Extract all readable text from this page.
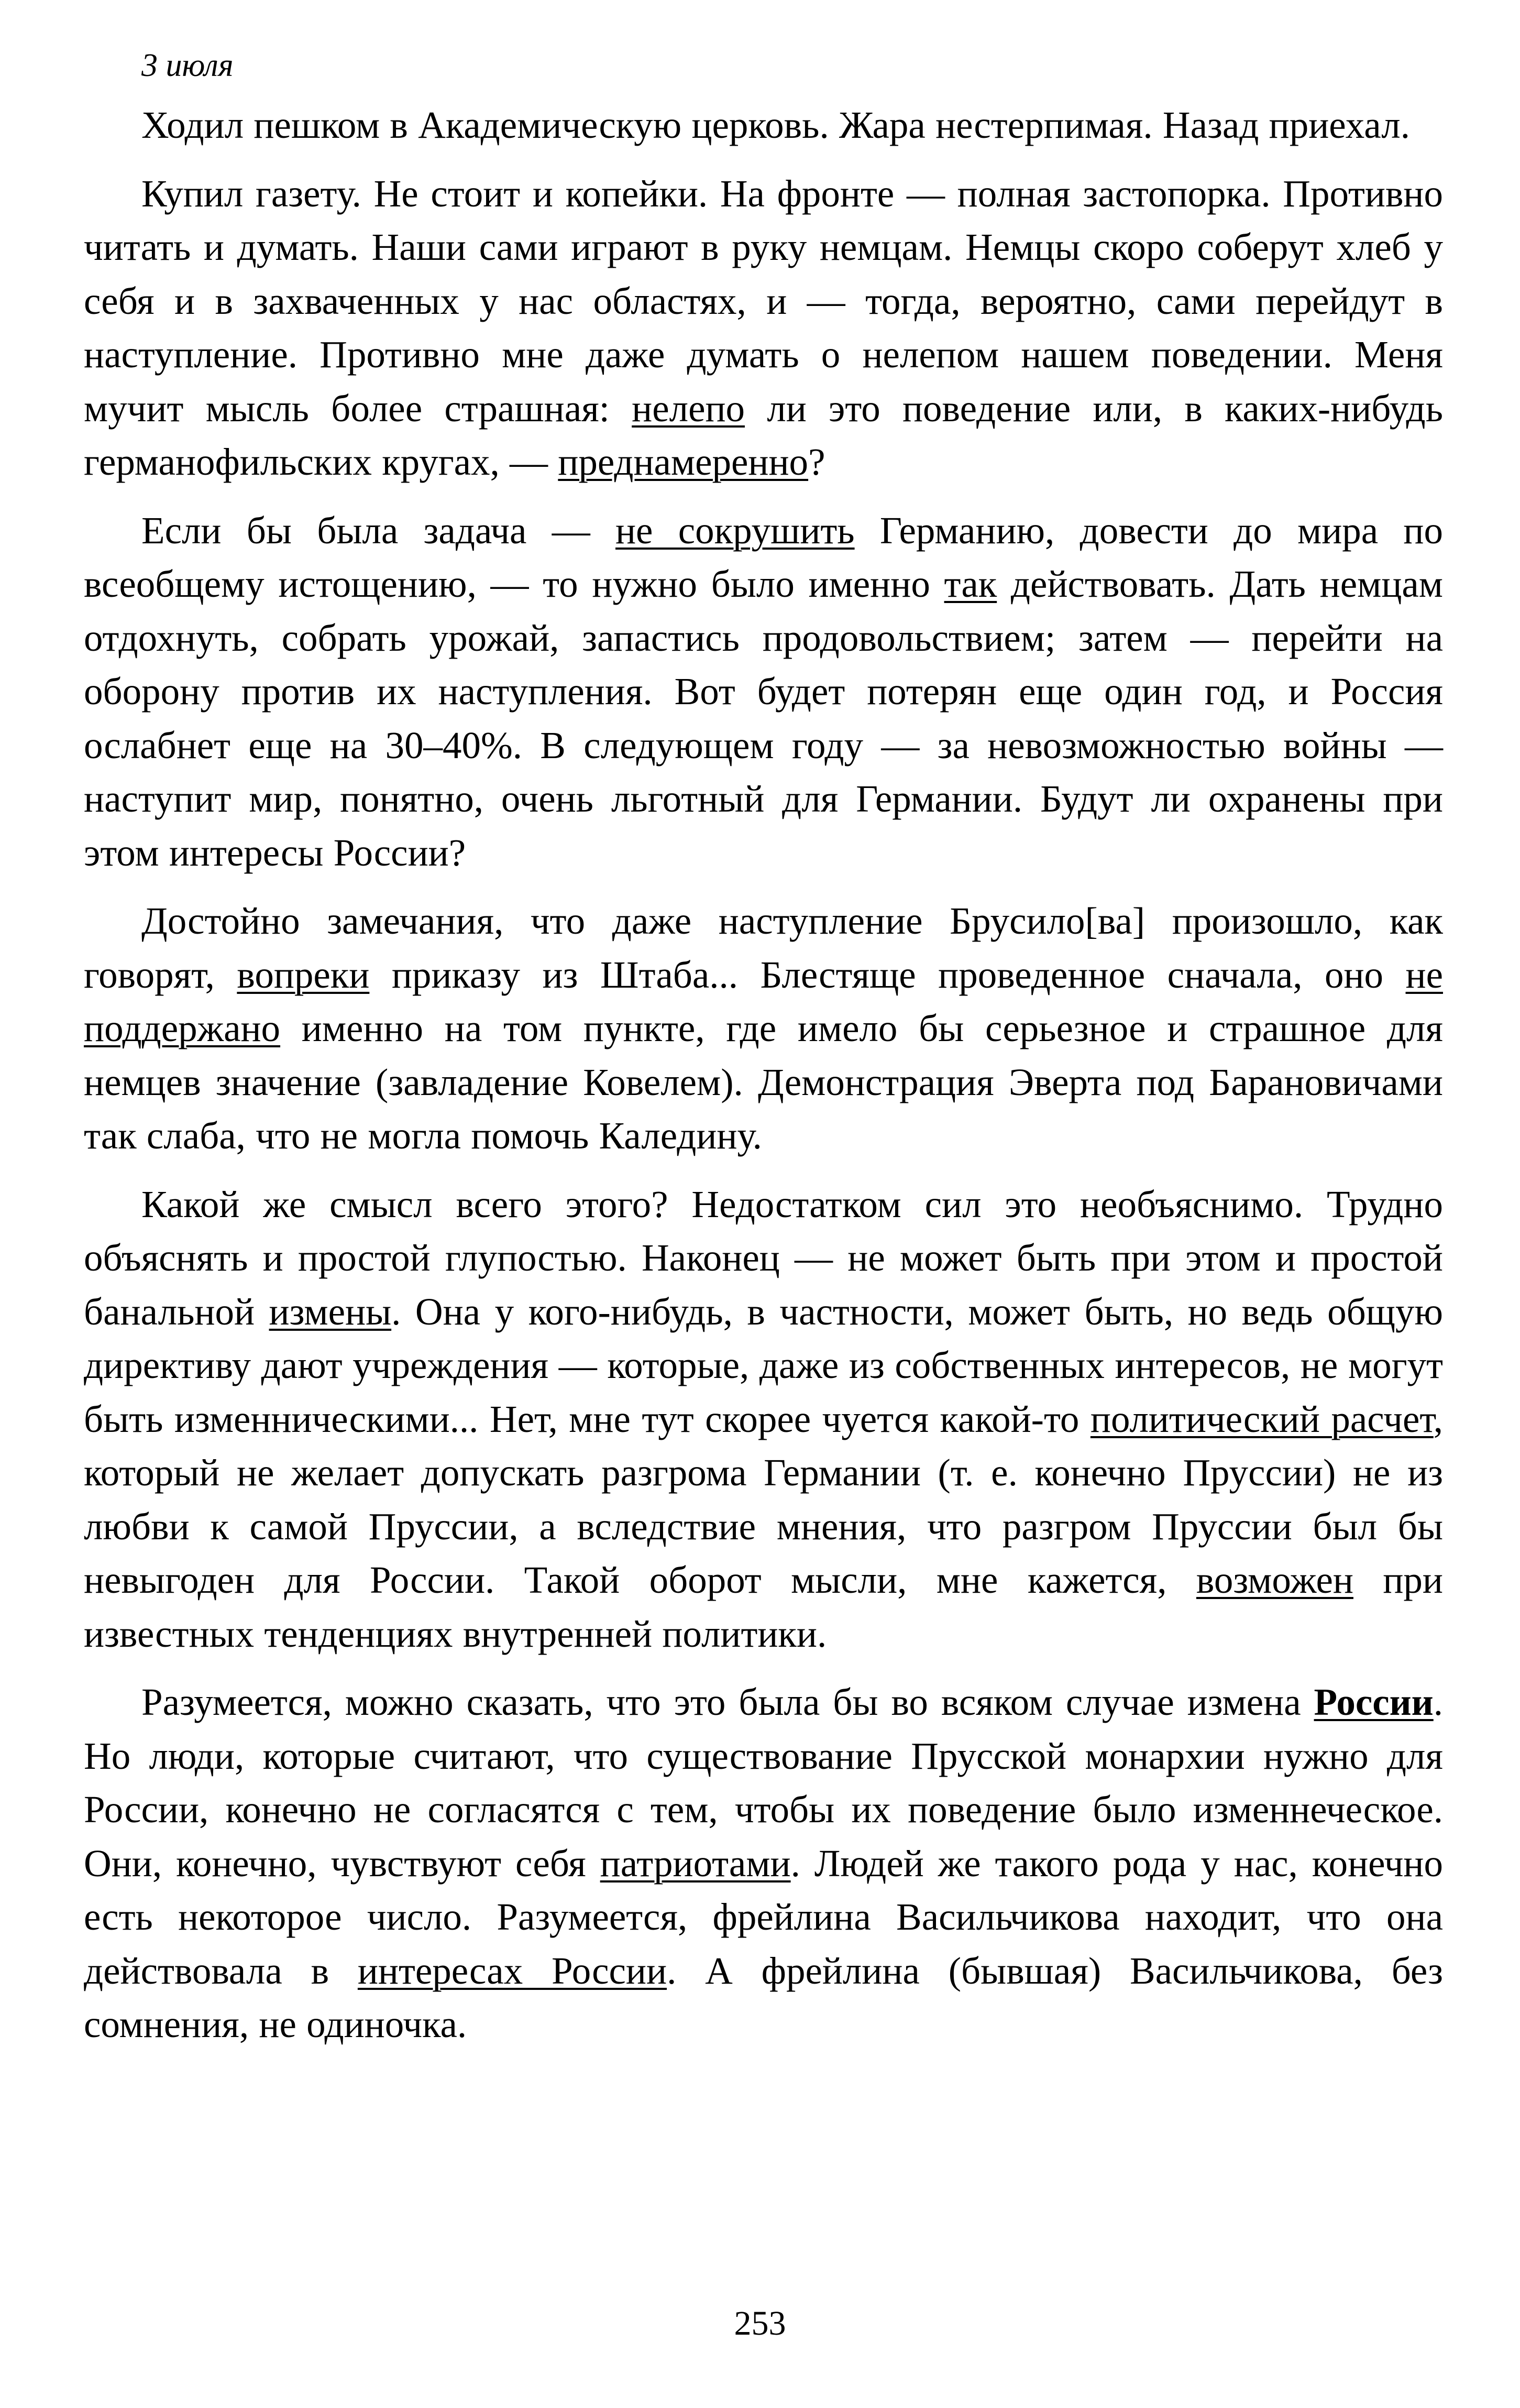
3 июля

Ходил пешком в Академическую церковь. Жара нестерпимая. Назад приехал.

Купил газету. Не стоит и копейки. На фронте — полная застопорка. Противно читать и думать. Наши сами играют в руку немцам. Немцы скоро соберут хлеб у себя и в захваченных у нас областях, и — тогда, вероятно, сами перейдут в наступление. Противно мне даже думать о нелепом нашем поведении. Меня мучит мысль более страшная: нелепо ли это поведение или, в каких-нибудь германофильских кругах, — преднамеренно?

Если бы была задача — не сокрушить Германию, довести до мира по всеобщему истощению, — то нужно было именно так действовать. Дать немцам отдохнуть, собрать урожай, запастись продовольствием; затем — перейти на оборону против их наступления. Вот будет потерян еще один год, и Россия ослабнет еще на 30–40%. В следующем году — за невозможностью войны — наступит мир, понятно, очень льготный для Германии. Будут ли охранены при этом интересы России?

Достойно замечания, что даже наступление Брусило[ва] произошло, как говорят, вопреки приказу из Штаба... Блестяще проведенное сначала, оно не поддержано именно на том пункте, где имело бы серьезное и страшное для немцев значение (завладение Ковелем). Демонстрация Эверта под Барановичами так слаба, что не могла помочь Каледину.

Какой же смысл всего этого? Недостатком сил это необъяснимо. Трудно объяснять и простой глупостью. Наконец — не может быть при этом и простой банальной измены. Она у кого-нибудь, в частности, может быть, но ведь общую директиву дают учреждения — которые, даже из собственных интересов, не могут быть изменническими... Нет, мне тут скорее чуется какой-то политический расчет, который не желает допускать разгрома Германии (т. е. конечно Пруссии) не из любви к самой Пруссии, а вследствие мнения, что разгром Пруссии был бы невыгоден для России. Такой оборот мысли, мне кажется, возможен при известных тенденциях внутренней политики.

Разумеется, можно сказать, что это была бы во всяком случае измена России. Но люди, которые считают, что существование Прусской монархии нужно для России, конечно не согласятся с тем, чтобы их поведение было изменнеческое. Они, конечно, чувствуют себя патриотами. Людей же такого рода у нас, конечно есть некоторое число. Разумеется, фрейлина Васильчикова находит, что она действовала в интересах России. А фрейлина (бывшая) Васильчикова, без сомнения, не одиночка.

253
